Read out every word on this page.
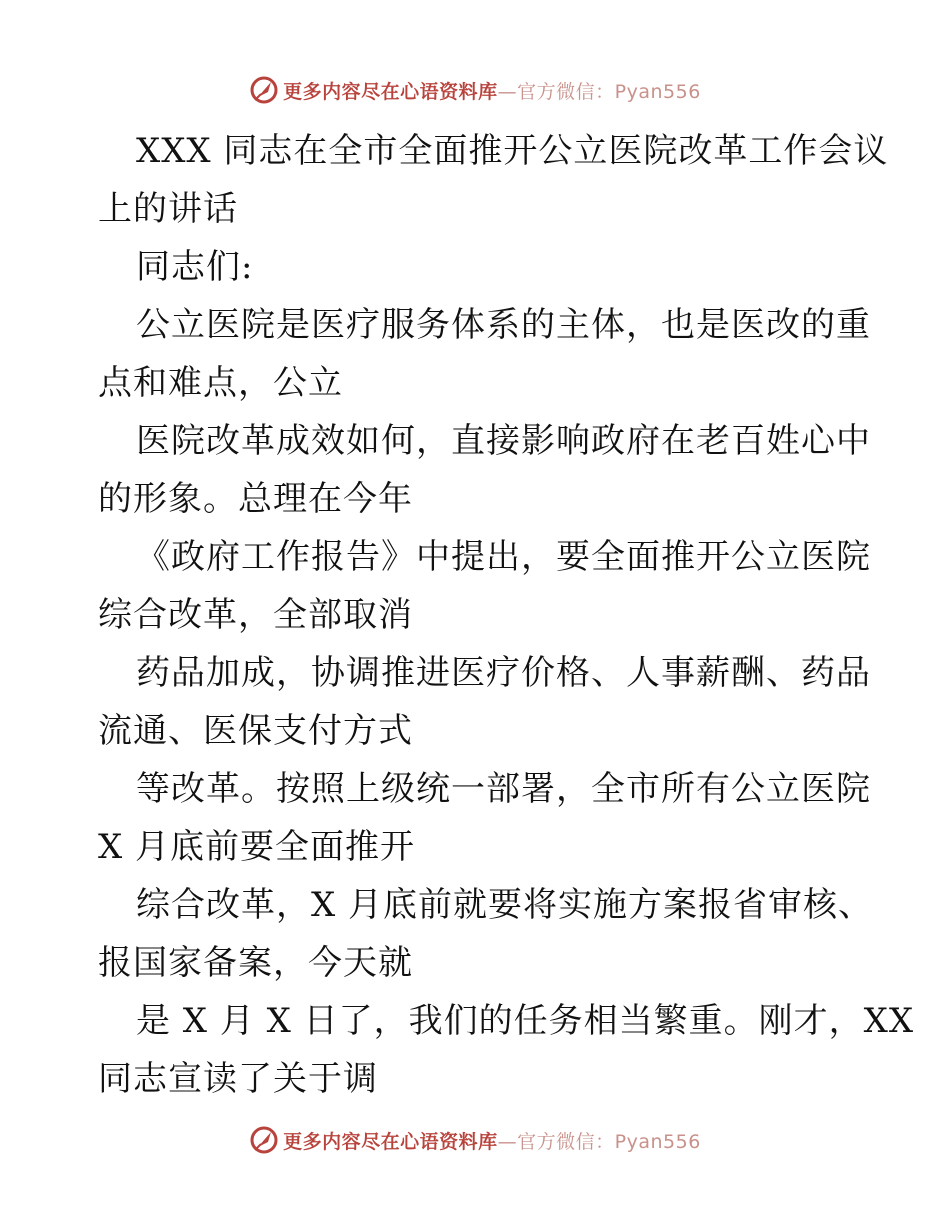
更多内容尽在心语资料库—官方微信：Pyan556
XXX 同志在全市全面推开公立医院改革工作会议
上的讲话
同志们:
公立医院是医疗服务体系的主体，也是医改的重
点和难点，公立
医院改革成效如何，直接影响政府在老百姓心中
的形象。总理在今年
《政府工作报告》中提出，要全面推开公立医院
综合改革，全部取消
药品加成，协调推进医疗价格、人事薪酬、药品
流通、医保支付方式
等改革。按照上级统一部署，全市所有公立医院
X 月底前要全面推开
综合改革，X 月底前就要将实施方案报省审核、
报国家备案，今天就
是 X 月 X 日了，我们的任务相当繁重。刚才，XX
同志宣读了关于调
更多内容尽在心语资料库—官方微信：Pyan556
